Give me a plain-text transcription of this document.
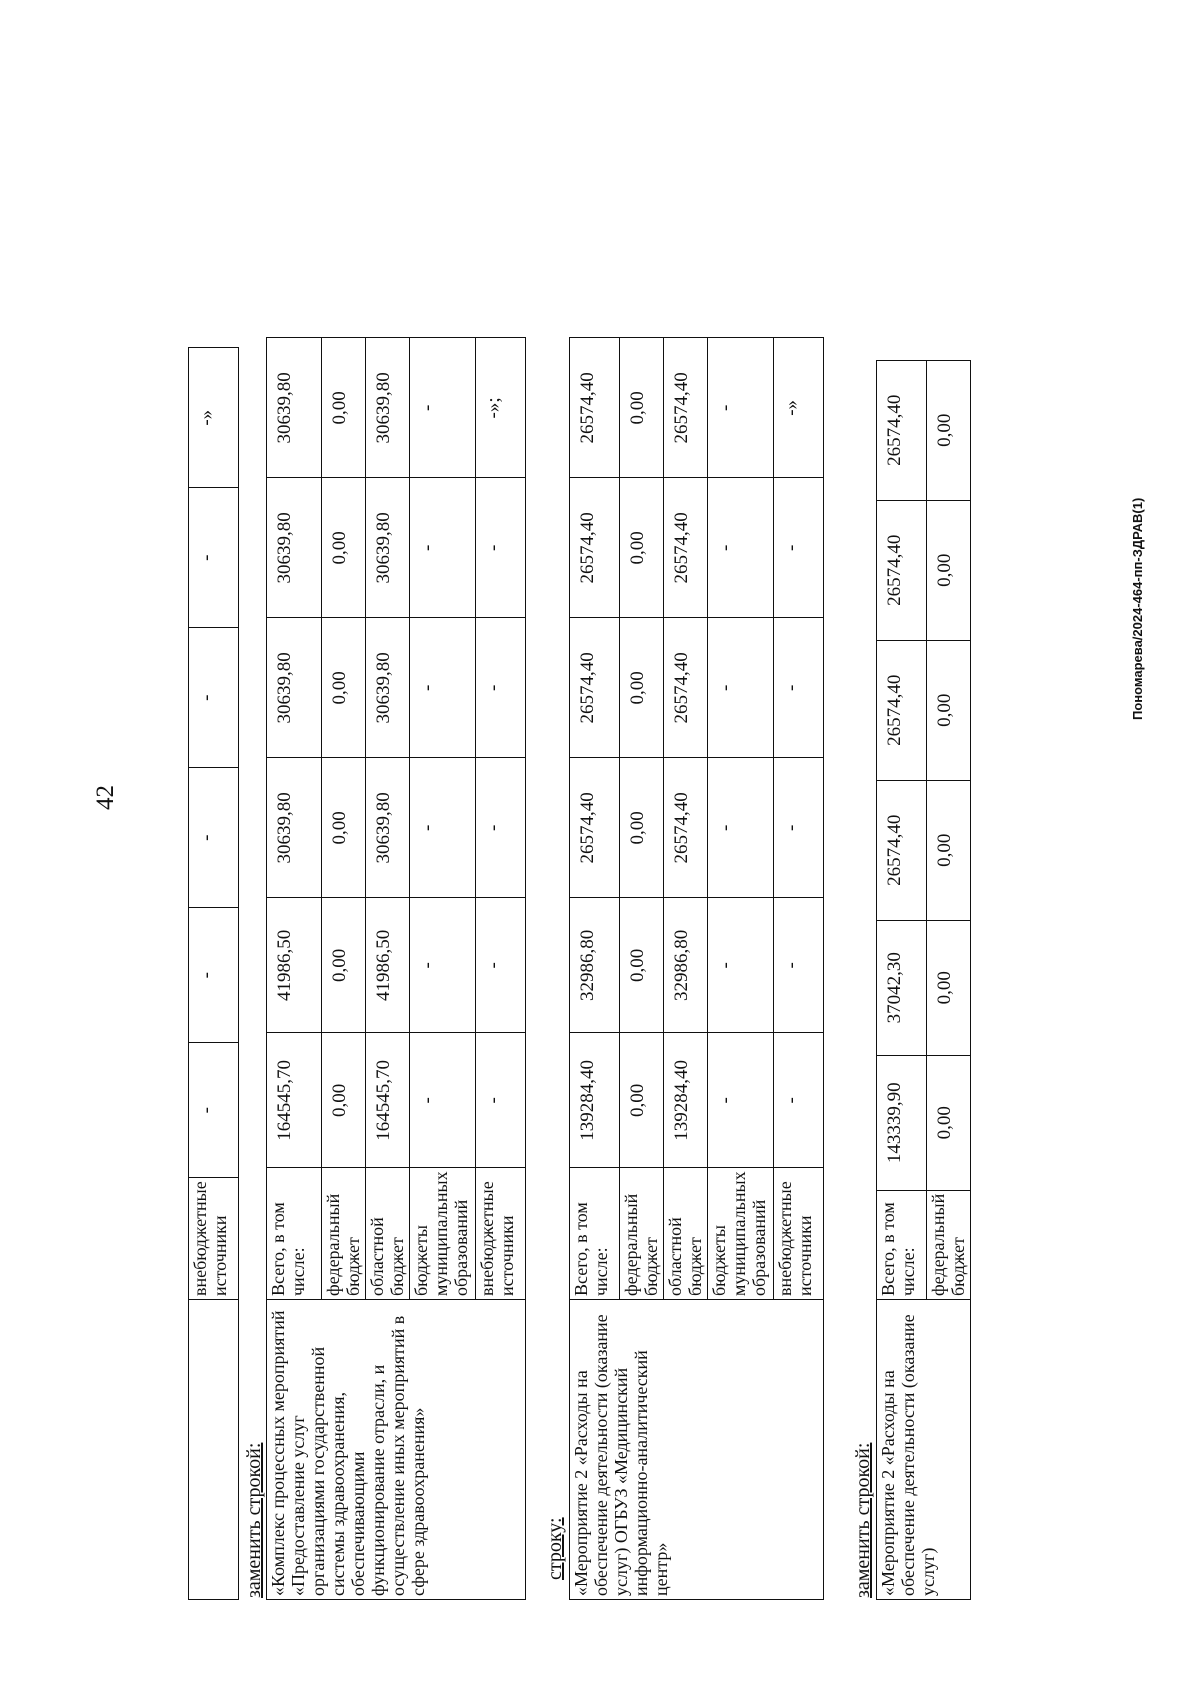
42
Пономарева/2024-464-пп-ЗДРАВ(1)
	внебюджетные источники	-	-	-	-	-	-»
заменить строкой: «Комплекс процессных мероприятий «Предоставление услуг организациями государственной системы здравоохранения, обеспечивающими функционирование отрасли, и осуществление иных мероприятий в сфере здравоохранения»	Всего, в том числе:	164545,70	41986,50	30639,80	30639,80	30639,80	30639,80
	федеральный бюджет	0,00	0,00	0,00	0,00	0,00	0,00
	областной бюджет	164545,70	41986,50	30639,80	30639,80	30639,80	30639,80
	бюджеты муниципальных образований	-	-	-	-	-	-
	внебюджетные источники	-	-	-	-	-	-»;
строку: «Мероприятие 2 «Расходы на обеспечение деятельности (оказание услуг) ОГБУЗ «Медицинский информационно-аналитический центр»	Всего, в том числе:	139284,40	32986,80	26574,40	26574,40	26574,40	26574,40
	федеральный бюджет	0,00	0,00	0,00	0,00	0,00	0,00
	областной бюджет	139284,40	32986,80	26574,40	26574,40	26574,40	26574,40
	бюджеты муниципальных образований	-	-	-	-	-	-
	внебюджетные источники	-	-	-	-	-	-»
заменить строкой: «Мероприятие 2 «Расходы на обеспечение деятельности (оказание услуг)	Всего, в том числе:	143339,90	37042,30	26574,40	26574,40	26574,40	26574,40
	федеральный бюджет	0,00	0,00	0,00	0,00	0,00	0,00
